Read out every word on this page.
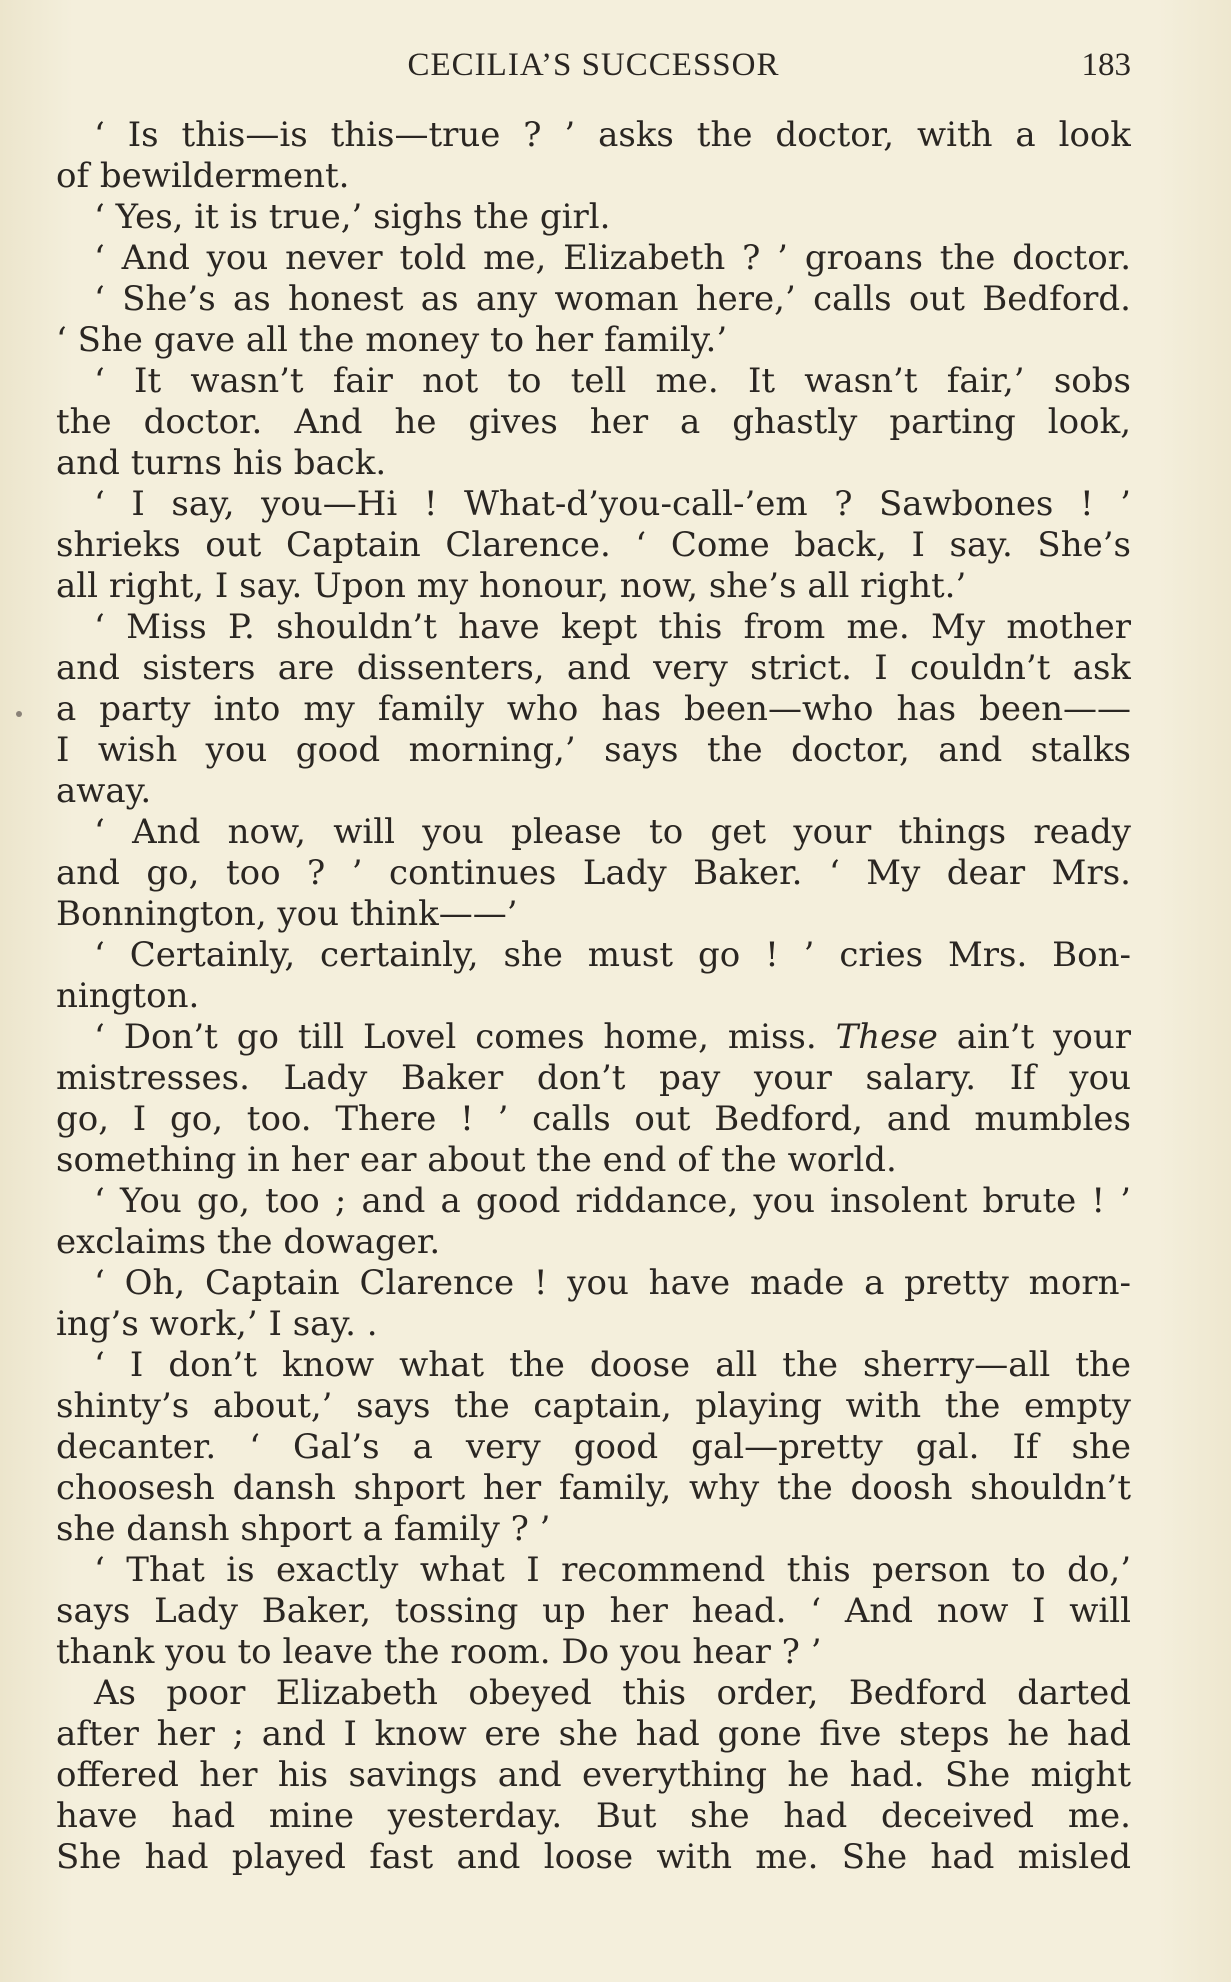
CECILIA’S SUCCESSOR	183
‘ Is this—is this—true ? ’ asks the doctor, with a look
of bewilderment.
‘ Yes, it is true,’ sighs the girl.
‘ And you never told me, Elizabeth ? ’ groans the doctor.
‘ She’s as honest as any woman here,’ calls out Bedford.
‘ She gave all the money to her family.’
‘ It wasn’t fair not to tell me. It wasn’t fair,’ sobs
the doctor. And he gives her a ghastly parting look,
and turns his back.
‘ I say, you—Hi ! What-d’you-call-’em ? Sawbones ! ’
shrieks out Captain Clarence. ‘ Come back, I say. She’s
all right, I say. Upon my honour, now, she’s all right.’
‘ Miss P. shouldn’t have kept this from me. My mother
and sisters are dissenters, and very strict. I couldn’t ask
a party into my family who has been—who has been——
I wish you good morning,’ says the doctor, and stalks
away.
‘ And now, will you please to get your things ready
and go, too ? ’ continues Lady Baker. ‘ My dear Mrs.
Bonnington, you think——’
‘ Certainly, certainly, she must go ! ’ cries Mrs. Bon-
nington.
‘ Don’t go till Lovel comes home, miss. These ain’t your
mistresses. Lady Baker don’t pay your salary. If you
go, I go, too. There ! ’ calls out Bedford, and mumbles
something in her ear about the end of the world.
‘ You go, too ; and a good riddance, you insolent brute ! ’
exclaims the dowager.
‘ Oh, Captain Clarence ! you have made a pretty morn-
ing’s work,’ I say. .
‘ I don’t know what the doose all the sherry—all the
shinty’s about,’ says the captain, playing with the empty
decanter. ‘ Gal’s a very good gal—pretty gal. If she
choosesh dansh shport her family, why the doosh shouldn’t
she dansh shport a family ? ’
‘ That is exactly what I recommend this person to do,’
says Lady Baker, tossing up her head. ‘ And now I will
thank you to leave the room. Do you hear ? ’
As poor Elizabeth obeyed this order, Bedford darted
after her ; and I know ere she had gone five steps he had
offered her his savings and everything he had. She might
have had mine yesterday. But she had deceived me.
She had played fast and loose with me. She had misled
